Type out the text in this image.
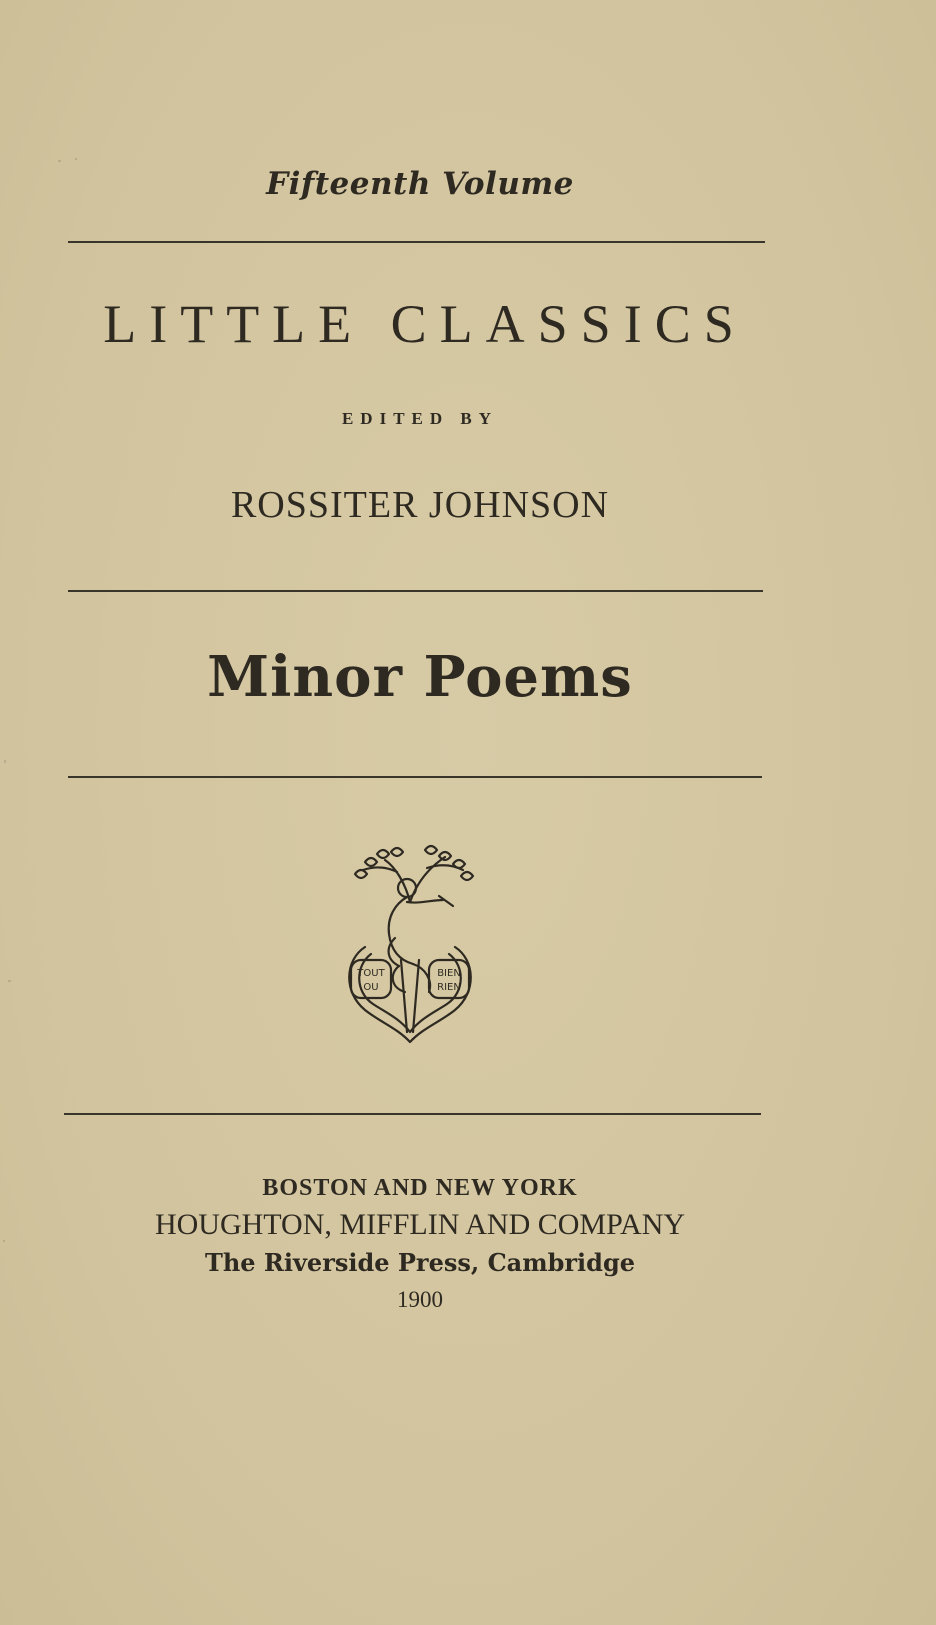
Fifteenth Volume
LITTLE CLASSICS
EDITED BY
ROSSITER JOHNSON
Minor Poems
TOUT
OU
BIEN
RIEN
BOSTON AND NEW YORK
HOUGHTON, MIFFLIN AND COMPANY
The Riverside Press, Cambridge
1900
